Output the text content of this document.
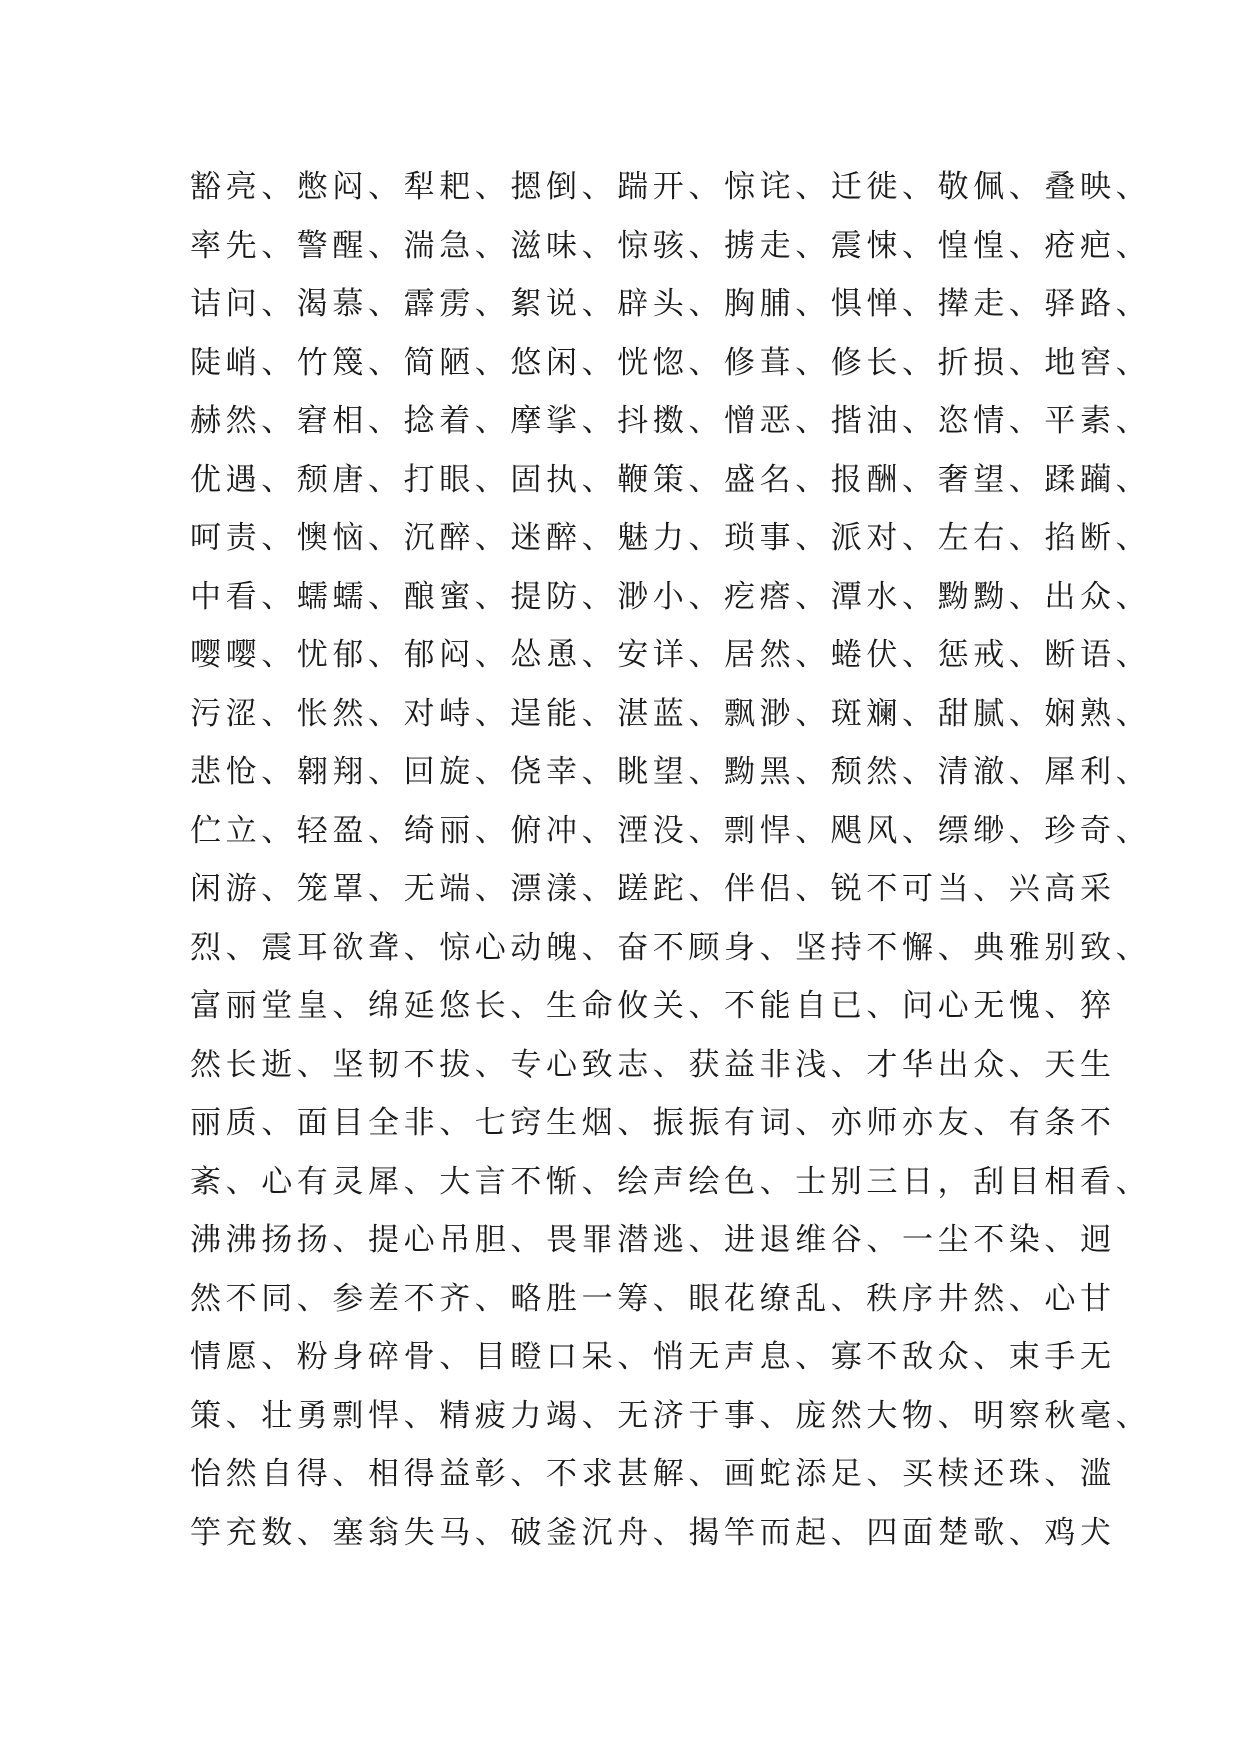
豁亮、憋闷、犁耙、摁倒、踹开、惊诧、迁徙、敬佩、叠映、
率先、警醒、湍急、滋味、惊骇、掳走、震悚、惶惶、疮疤、
诘问、渴慕、霹雳、絮说、辟头、胸脯、惧惮、撵走、驿路、
陡峭、竹篾、简陋、悠闲、恍惚、修葺、修长、折损、地窖、
赫然、窘相、捻着、摩挲、抖擞、憎恶、揩油、恣情、平素、
优遇、颓唐、打眼、固执、鞭策、盛名、报酬、奢望、蹂躏、
呵责、懊恼、沉醉、迷醉、魅力、琐事、派对、左右、掐断、
中看、蠕蠕、酿蜜、提防、渺小、疙瘩、潭水、黝黝、出众、
嘤嘤、忧郁、郁闷、怂恿、安详、居然、蜷伏、惩戒、断语、
污涩、怅然、对峙、逞能、湛蓝、飘渺、斑斓、甜腻、娴熟、
悲怆、翱翔、回旋、侥幸、眺望、黝黑、颓然、清澈、犀利、
伫立、轻盈、绮丽、俯冲、湮没、剽悍、飓风、缥缈、珍奇、
闲游、笼罩、无端、漂漾、蹉跎、伴侣、锐不可当、兴高采
烈、震耳欲聋、惊心动魄、奋不顾身、坚持不懈、典雅别致、
富丽堂皇、绵延悠长、生命攸关、不能自已、问心无愧、猝
然长逝、坚韧不拔、专心致志、获益非浅、才华出众、天生
丽质、面目全非、七窍生烟、振振有词、亦师亦友、有条不
紊、心有灵犀、大言不惭、绘声绘色、士别三日，刮目相看、
沸沸扬扬、提心吊胆、畏罪潜逃、进退维谷、一尘不染、迥
然不同、参差不齐、略胜一筹、眼花缭乱、秩序井然、心甘
情愿、粉身碎骨、目瞪口呆、悄无声息、寡不敌众、束手无
策、壮勇剽悍、精疲力竭、无济于事、庞然大物、明察秋毫、
怡然自得、相得益彰、不求甚解、画蛇添足、买椟还珠、滥
竽充数、塞翁失马、破釜沉舟、揭竿而起、四面楚歌、鸡犬
